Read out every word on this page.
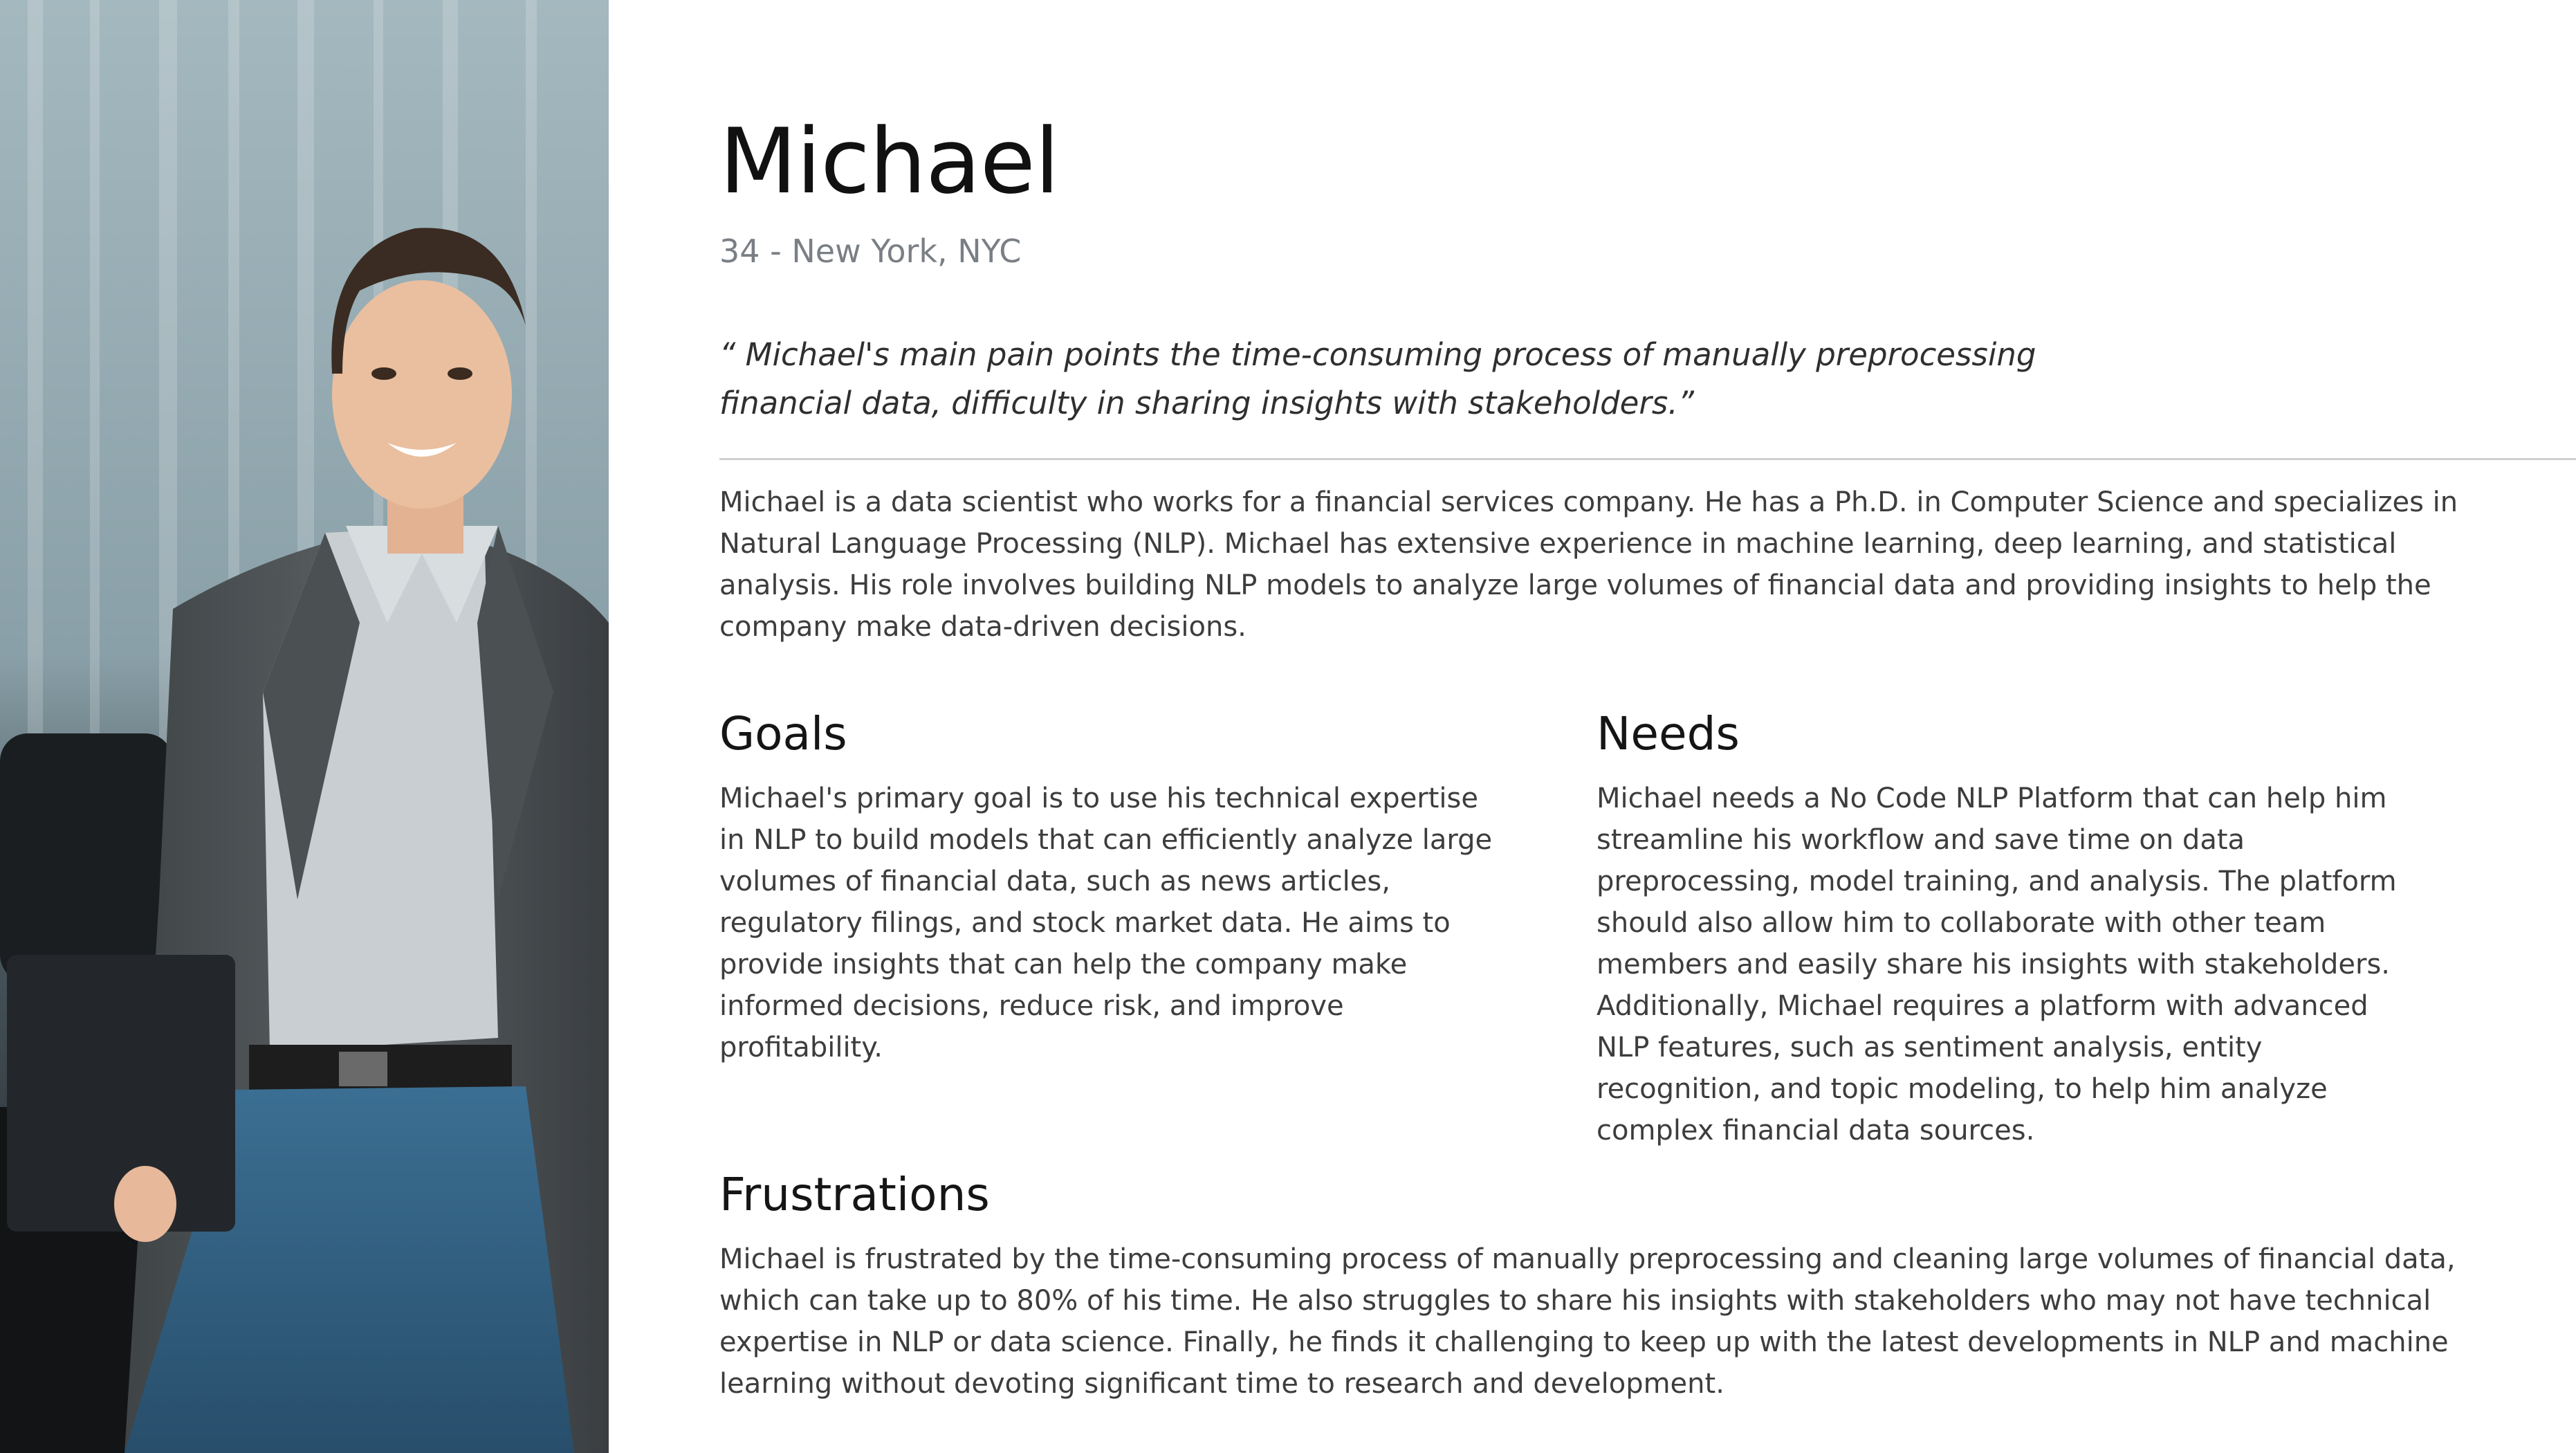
Michael

34 - New York, NYC

“ Michael's main pain points the time-consuming process of manually preprocessing financial data, difficulty in sharing insights with stakeholders.”

Michael is a data scientist who works for a financial services company. He has a Ph.D. in Computer Science and specializes in Natural Language Processing (NLP). Michael has extensive experience in machine learning, deep learning, and statistical analysis. His role involves building NLP models to analyze large volumes of financial data and providing insights to help the company make data-driven decisions.

Goals

Michael's primary goal is to use his technical expertise in NLP to build models that can efficiently analyze large volumes of financial data, such as news articles, regulatory filings, and stock market data. He aims to provide insights that can help the company make informed decisions, reduce risk, and improve profitability.

Needs

Michael needs a No Code NLP Platform that can help him streamline his workflow and save time on data preprocessing, model training, and analysis. The platform should also allow him to collaborate with other team members and easily share his insights with stakeholders. Additionally, Michael requires a platform with advanced NLP features, such as sentiment analysis, entity recognition, and topic modeling, to help him analyze complex financial data sources.

Frustrations

Michael is frustrated by the time-consuming process of manually preprocessing and cleaning large volumes of financial data, which can take up to 80% of his time. He also struggles to share his insights with stakeholders who may not have technical expertise in NLP or data science. Finally, he finds it challenging to keep up with the latest developments in NLP and machine learning without devoting significant time to research and development.
